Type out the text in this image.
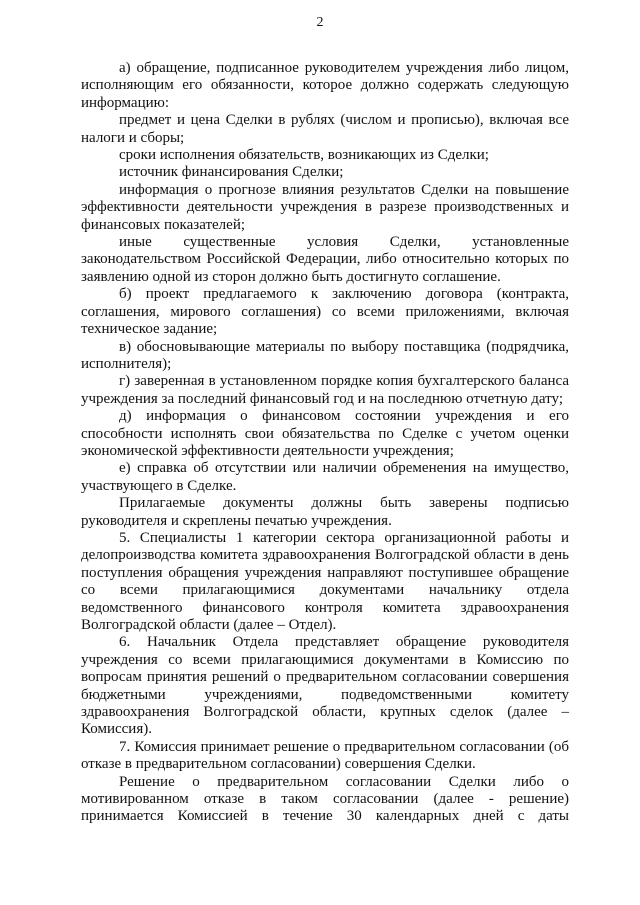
2

а) обращение, подписанное руководителем учреждения либо лицом, исполняющим его обязанности, которое должно содержать следующую информацию:

предмет и цена Сделки в рублях (числом и прописью), включая все налоги и сборы;

сроки исполнения обязательств, возникающих из Сделки;

источник финансирования Сделки;

информация о прогнозе влияния результатов Сделки на повышение эффективности деятельности учреждения в разрезе производственных и финансовых показателей;

иные существенные условия Сделки, установленные законодательством Российской Федерации, либо относительно которых по заявлению одной из сторон должно быть достигнуто соглашение.

б) проект предлагаемого к заключению договора (контракта, соглашения, мирового соглашения) со всеми приложениями, включая техническое задание;

в) обосновывающие материалы по выбору поставщика (подрядчика, исполнителя);

г) заверенная в установленном порядке копия бухгалтерского баланса учреждения за последний финансовый год и на последнюю отчетную дату;

д) информация о финансовом состоянии учреждения и его способности исполнять свои обязательства по Сделке с учетом оценки экономической эффективности деятельности учреждения;

е) справка об отсутствии или наличии обременения на имущество, участвующего в Сделке.

Прилагаемые документы должны быть заверены подписью руководителя и скреплены печатью учреждения.

5. Специалисты 1 категории сектора организационной работы и делопроизводства комитета здравоохранения Волгоградской области в день поступления обращения учреждения направляют поступившее обращение со всеми прилагающимися документами начальнику отдела ведомственного финансового контроля комитета здравоохранения Волгоградской области (далее – Отдел).

6. Начальник Отдела представляет обращение руководителя учреждения со всеми прилагающимися документами в Комиссию по вопросам принятия решений о предварительном согласовании совершения бюджетными учреждениями, подведомственными комитету здравоохранения Волгоградской области, крупных сделок (далее – Комиссия).

7. Комиссия принимает решение о предварительном согласовании (об отказе в предварительном согласовании) совершения Сделки.

Решение о предварительном согласовании Сделки либо о мотивированном отказе в таком согласовании (далее - решение) принимается Комиссией в течение 30 календарных дней с даты
